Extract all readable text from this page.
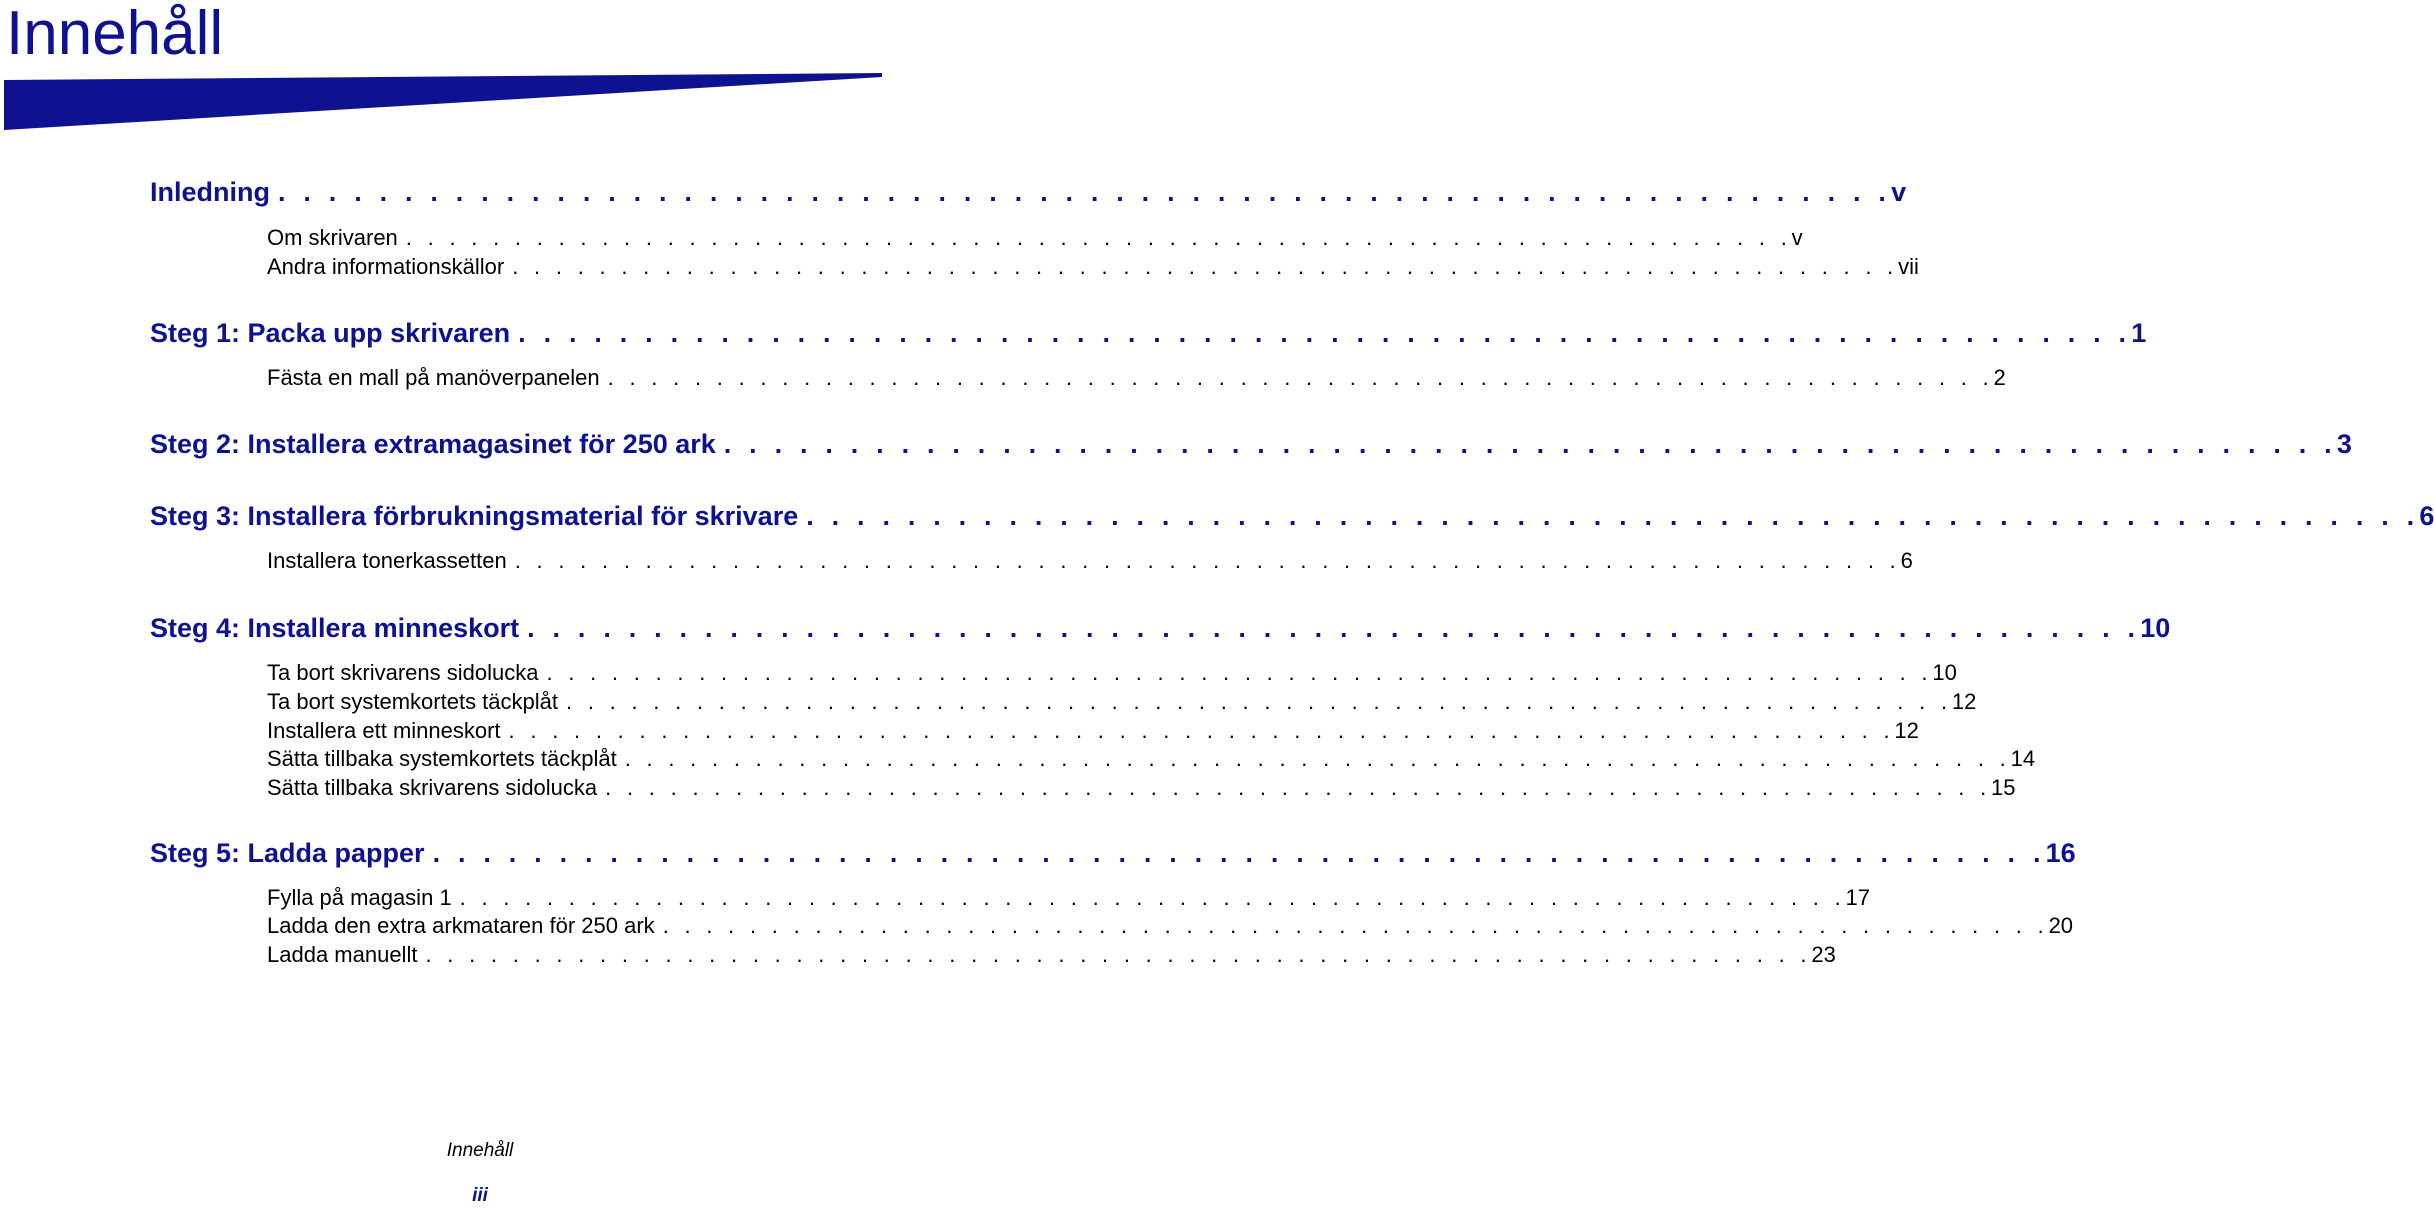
Innehåll
Inledning . . . . . . . . . . . . . . . . . . . . . . . . . . . . . . . . . . . . . . . . . . . . . . . . . . . . . . . . . . . . . . . . v
Om skrivaren . . . . . . . . . . . . . . . . . . . . . . . . . . . . . . . . . . . . . . . . . . . . . . . . . . . . . . . . . . . . . . . . v
Andra informationskällor . . . . . . . . . . . . . . . . . . . . . . . . . . . . . . . . . . . . . . . . . . . . . . . . . . . . . . . . . . . . . . . . vii
Steg 1: Packa upp skrivaren . . . . . . . . . . . . . . . . . . . . . . . . . . . . . . . . . . . . . . . . . . . . . . . . . . . . . . . . . . . . . . . . 1
Fästa en mall på manöverpanelen . . . . . . . . . . . . . . . . . . . . . . . . . . . . . . . . . . . . . . . . . . . . . . . . . . . . . . . . . . . . . . . . 2
Steg 2: Installera extramagasinet för 250 ark . . . . . . . . . . . . . . . . . . . . . . . . . . . . . . . . . . . . . . . . . . . . . . . . . . . . . . . . . . . . . . . . 3
Steg 3: Installera förbrukningsmaterial för skrivare . . . . . . . . . . . . . . . . . . . . . . . . . . . . . . . . . . . . . . . . . . . . . . . . . . . . . . . . . . . . . . . . 6
Installera tonerkassetten . . . . . . . . . . . . . . . . . . . . . . . . . . . . . . . . . . . . . . . . . . . . . . . . . . . . . . . . . . . . . . . . 6
Steg 4: Installera minneskort . . . . . . . . . . . . . . . . . . . . . . . . . . . . . . . . . . . . . . . . . . . . . . . . . . . . . . . . . . . . . . . . 10
Ta bort skrivarens sidolucka . . . . . . . . . . . . . . . . . . . . . . . . . . . . . . . . . . . . . . . . . . . . . . . . . . . . . . . . . . . . . . . . 10
Ta bort systemkortets täckplåt . . . . . . . . . . . . . . . . . . . . . . . . . . . . . . . . . . . . . . . . . . . . . . . . . . . . . . . . . . . . . . . . 12
Installera ett minneskort . . . . . . . . . . . . . . . . . . . . . . . . . . . . . . . . . . . . . . . . . . . . . . . . . . . . . . . . . . . . . . . . 12
Sätta tillbaka systemkortets täckplåt . . . . . . . . . . . . . . . . . . . . . . . . . . . . . . . . . . . . . . . . . . . . . . . . . . . . . . . . . . . . . . . . 14
Sätta tillbaka skrivarens sidolucka . . . . . . . . . . . . . . . . . . . . . . . . . . . . . . . . . . . . . . . . . . . . . . . . . . . . . . . . . . . . . . . . 15
Steg 5: Ladda papper . . . . . . . . . . . . . . . . . . . . . . . . . . . . . . . . . . . . . . . . . . . . . . . . . . . . . . . . . . . . . . . . 16
Fylla på magasin 1 . . . . . . . . . . . . . . . . . . . . . . . . . . . . . . . . . . . . . . . . . . . . . . . . . . . . . . . . . . . . . . . . 17
Ladda den extra arkmataren för 250 ark . . . . . . . . . . . . . . . . . . . . . . . . . . . . . . . . . . . . . . . . . . . . . . . . . . . . . . . . . . . . . . . . 20
Ladda manuellt . . . . . . . . . . . . . . . . . . . . . . . . . . . . . . . . . . . . . . . . . . . . . . . . . . . . . . . . . . . . . . . . 23
Innehåll
iii
